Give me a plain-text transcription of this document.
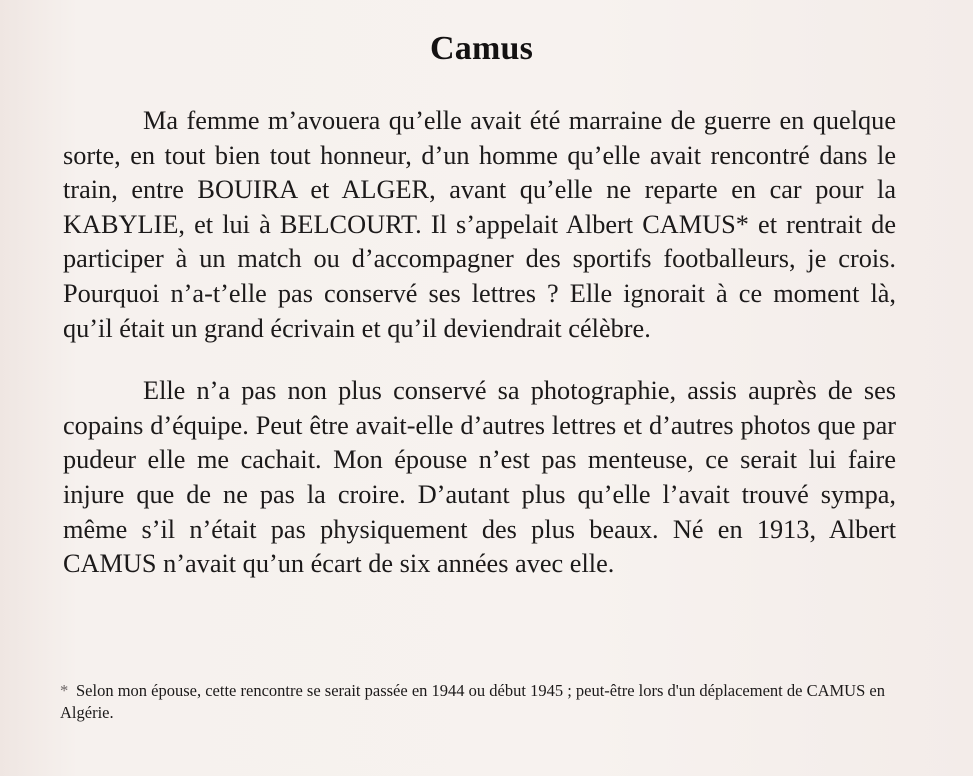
Camus

Ma femme m’avouera qu’elle avait été marraine de guerre en quelque sorte, en tout bien tout honneur, d’un homme qu’elle avait rencontré dans le train, entre BOUIRA et ALGER, avant qu’elle ne reparte en car pour la KABYLIE, et lui à BELCOURT. Il s’appelait Albert CAMUS* et rentrait de participer à un match ou d’accompagner des sportifs footballeurs, je crois. Pourquoi n’a-t’elle pas conservé ses lettres ? Elle ignorait à ce moment là, qu’il était un grand écrivain et qu’il deviendrait célèbre.

Elle n’a pas non plus conservé sa photographie, assis auprès de ses copains d’équipe. Peut être avait-elle d’autres lettres et d’autres photos que par pudeur elle me cachait. Mon épouse n’est pas menteuse, ce serait lui faire injure que de ne pas la croire. D’autant plus qu’elle l’avait trouvé sympa, même s’il n’était pas physiquement des plus beaux. Né en 1913, Albert CAMUS n’avait qu’un écart de six années avec elle.

* Selon mon épouse, cette rencontre se serait passée en 1944 ou début 1945 ; peut-être lors d'un déplacement de CAMUS en Algérie.
